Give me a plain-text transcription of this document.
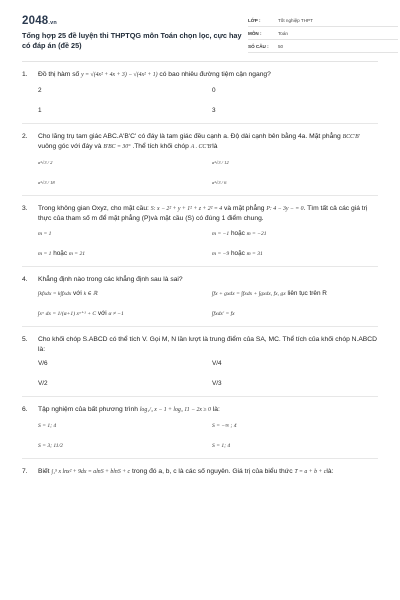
2048.vn
Tổng hợp 25 đề luyện thi THPTQG môn Toán chọn lọc, cực hay có đáp án (đề 25)
LỚP :	Tốt nghiệp THPT
MÔN :	Toán
SỐ CÂU :	50
1.	Đồ thị hàm số y = √(4x² + 4x + 3) − √(4x² + 1) có bao nhiêu đường tiệm cận ngang?
2	0
1	3
2.	Cho lăng trụ tam giác ABC.A'B'C' có đáy là tam giác đều cạnh a. Độ dài cạnh bên bằng 4a. Mặt phẳng BCC'B' vuông góc với đáy và B'BC = 30° .Thể tích khối chóp A . CC'B'là
a³√3 / 2	a³√3 / 12
a³√3 / 18	a³√3 / 6
3.	Trong không gian Oxyz, cho mặt cầu: S: x − 2² + y + 1² + z + 2² = 4 và mặt phẳng P: 4 − 3y − = 0. Tìm tất cả các giá trị thực của tham số m để mặt phẳng (P)và mặt cầu (S) có đúng 1 điểm chung.
m = 1	m = −1 hoặc m = −21
m = 1 hoặc m = 21	m = −9 hoặc m = 31
4.	Khẳng định nào trong các khẳng định sau là sai?
∫kfxdx = k∫fxdx với k ∈ ℝ	∫fx + gxdx = ∫fxdx + ∫gxdx, fx, gx liên tục trên R
∫xᵅ dx = 1/(α+1) xᵅ⁺¹ + C với α ≠ −1	∫fxdx' = fx
5.	Cho khối chóp S.ABCD có thể tích V. Gọi M, N lần lượt là trung điểm của SA, MC. Thể tích của khối chóp N.ABCD là:
V/6	V/4
V/2	V/3
6.	Tập nghiệm của bất phương trình log₁/₃ x − 1 + log₃ 11 − 2x ≥ 0 là:
S = 1; 4	S = −∞ ; 4
S = 3; 11/2	S = 1; 4
7.	Biết ∫₁⁵ x lnx² + 9dx = alnS + blnS + c trong đó a, b, c là các số nguyên. Giá trị của biểu thức T = a + b + clà:
